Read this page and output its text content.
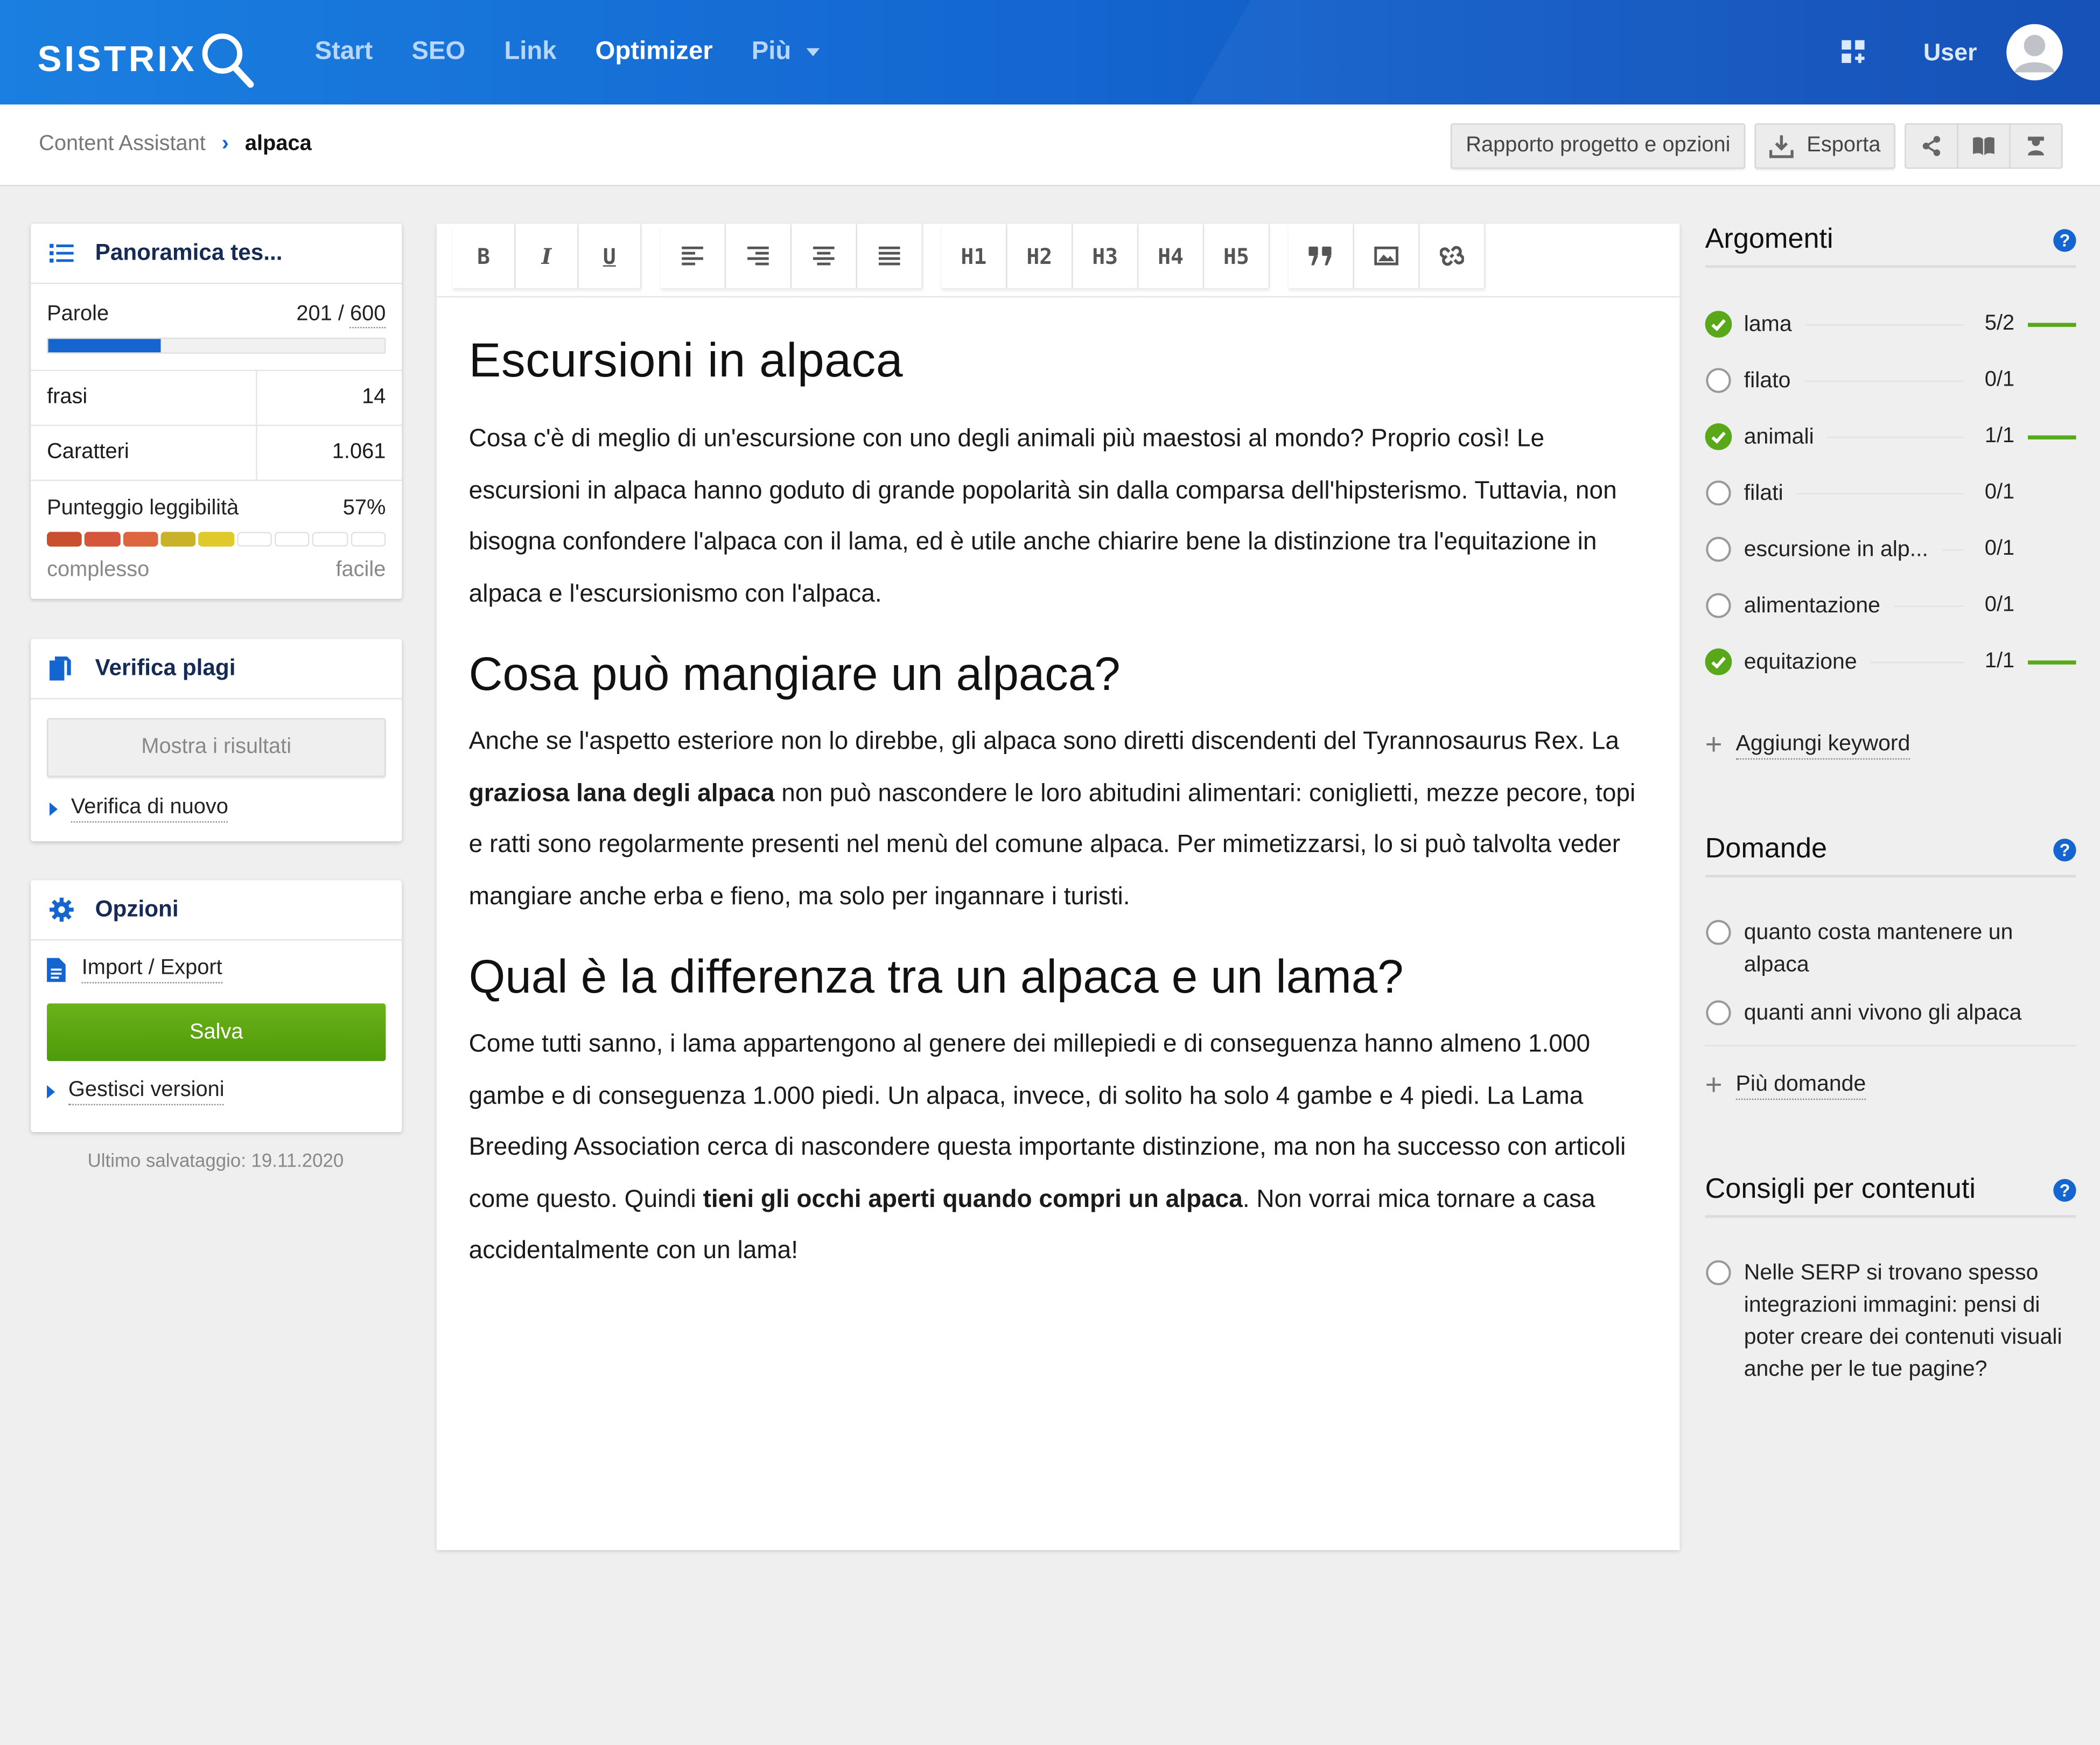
SISTRIX	Start	SEO	Link	Optimizer	Più	User
Content Assistant › alpaca	Rapporto progetto e opzioni	Esporta
Panoramica tes...
Parole	201 / 600
frasi	14
Caratteri	1.061
Punteggio leggibilità	57%
complesso	facile
Verifica plagi
Mostra i risultati
Verifica di nuovo
Opzioni
Import / Export
Salva
Gestisci versioni
Ultimo salvataggio: 19.11.2020
B	I	U	H1	H2	H3	H4	H5
Escursioni in alpaca

Cosa c'è di meglio di un'escursione con uno degli animali più maestosi al mondo? Proprio così! Le escursioni in alpaca hanno goduto di grande popolarità sin dalla comparsa dell'hipsterismo. Tuttavia, non bisogna confondere l'alpaca con il lama, ed è utile anche chiarire bene la distinzione tra l'equitazione in alpaca e l'escursionismo con l'alpaca.

Cosa può mangiare un alpaca?

Anche se l'aspetto esteriore non lo direbbe, gli alpaca sono diretti discendenti del Tyrannosaurus Rex. La graziosa lana degli alpaca non può nascondere le loro abitudini alimentari: coniglietti, mezze pecore, topi e ratti sono regolarmente presenti nel menù del comune alpaca. Per mimetizzarsi, lo si può talvolta veder mangiare anche erba e fieno, ma solo per ingannare i turisti.

Qual è la differenza tra un alpaca e un lama?

Come tutti sanno, i lama appartengono al genere dei millepiedi e di conseguenza hanno almeno 1.000 gambe e di conseguenza 1.000 piedi. Un alpaca, invece, di solito ha solo 4 gambe e 4 piedi. La Lama Breeding Association cerca di nascondere questa importante distinzione, ma non ha successo con articoli come questo. Quindi tieni gli occhi aperti quando compri un alpaca. Non vorrai mica tornare a casa accidentalmente con un lama!

Argomenti	?
lama	5/2
filato	0/1
animali	1/1
filati	0/1
escursione in alp...	0/1
alimentazione	0/1
equitazione	1/1
+ Aggiungi keyword
Domande	?
quanto costa mantenere un alpaca
quanti anni vivono gli alpaca
+ Più domande
Consigli per contenuti	?
Nelle SERP si trovano spesso integrazioni immagini: pensi di poter creare dei contenuti visuali anche per le tue pagine?
